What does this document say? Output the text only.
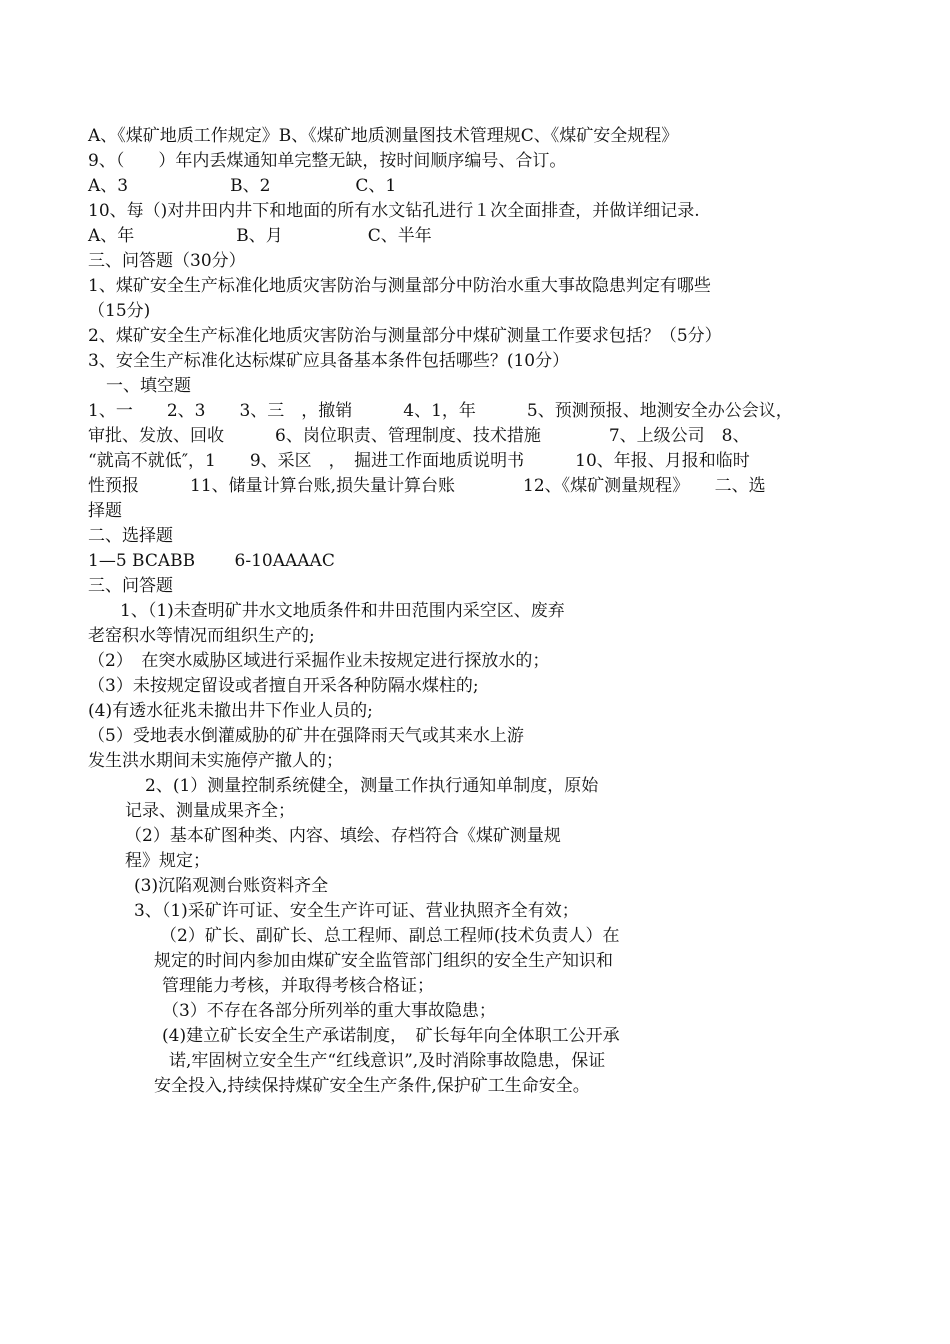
A、《煤矿地质工作规定》B、《煤矿地质测量图技术管理规C、《煤矿安全规程》
9、（　　）年内丢煤通知单完整无缺，按时间顺序编号、合订。
A、3　　　　　　B、2　　　　　C、1
10、每（)对井田内井下和地面的所有水文钻孔进行１次全面排查，并做详细记录.
A、年　　　　　　B、月　　　　　C、半年
三、问答题（30分）
1、煤矿安全生产标准化地质灾害防治与测量部分中防治水重大事故隐患判定有哪些
（15分)
2、煤矿安全生产标准化地质灾害防治与测量部分中煤矿测量工作要求包括？（5分）
3、安全生产标准化达标煤矿应具备基本条件包括哪些？(10分）
一、填空题
1、一　　2、3　　3、三　，撤销　　　4、1，年　　　5、预测预报、地测安全办公会议，
审批、发放、回收　　　6、岗位职责、管理制度、技术措施　　　　7、上级公司　8、
“就高不就低″，1　　9、采区　，　掘进工作面地质说明书　　　10、年报、月报和临时
性预报　　　11、储量计算台账,损失量计算台账　　　　12、《煤矿测量规程》　　二、选
择题
二、选择题
1—5 BCABB　　 6-10AAAAC
三、问答题
1、（1)未查明矿井水文地质条件和井田范围内采空区、废弃
老窑积水等情况而组织生产的;
（2）　在突水威胁区域进行采掘作业未按规定进行探放水的；
（3）未按规定留设或者擅自开采各种防隔水煤柱的;
(4)有透水征兆未撤出井下作业人员的;
（5）受地表水倒灌威胁的矿井在强降雨天气或其来水上游
发生洪水期间未实施停产撤人的；
2、(1）测量控制系统健全，测量工作执行通知单制度，原始
记录、测量成果齐全；
（2）基本矿图种类、内容、填绘、存档符合《煤矿测量规
程》规定；
(3)沉陷观测台账资料齐全
3、（1)采矿许可证、安全生产许可证、营业执照齐全有效；
（2）矿长、副矿长、总工程师、副总工程师(技术负责人）在
规定的时间内参加由煤矿安全监管部门组织的安全生产知识和
管理能力考核，并取得考核合格证；
（3）不存在各部分所列举的重大事故隐患；
(4)建立矿长安全生产承诺制度，　矿长每年向全体职工公开承
诺,牢固树立安全生产“红线意识”,及时消除事故隐患，保证
安全投入,持续保持煤矿安全生产条件,保护矿工生命安全。
